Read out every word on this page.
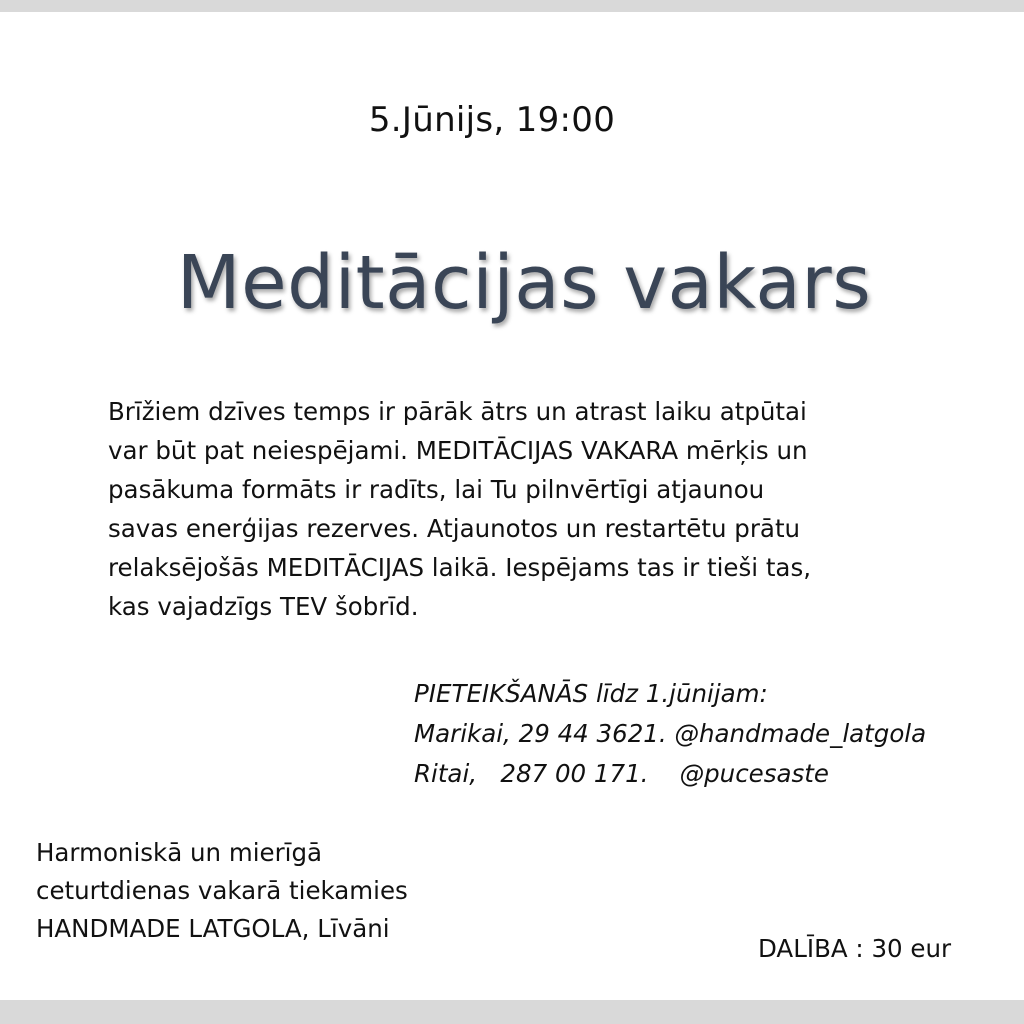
5.Jūnijs, 19:00
Meditācijas vakars
Brīžiem dzīves temps ir pārāk ātrs un atrast laiku atpūtai
var būt pat neiespējami. MEDITĀCIJAS VAKARA mērķis un
pasākuma formāts ir radīts, lai Tu pilnvērtīgi atjaunou
savas enerģijas rezerves. Atjaunotos un restartētu prātu
relaksējošās MEDITĀCIJAS laikā. Iespējams tas ir tieši tas,
kas vajadzīgs TEV šobrīd.
PIETEIKŠANĀS līdz 1.jūnijam:
Marikai, 29 44 3621. @handmade_latgola
Ritai,   287 00 171.    @pucesaste
Harmoniskā un mierīgā
ceturtdienas vakarā tiekamies
HANDMADE LATGOLA, Līvāni
DALĪBA : 30 eur
